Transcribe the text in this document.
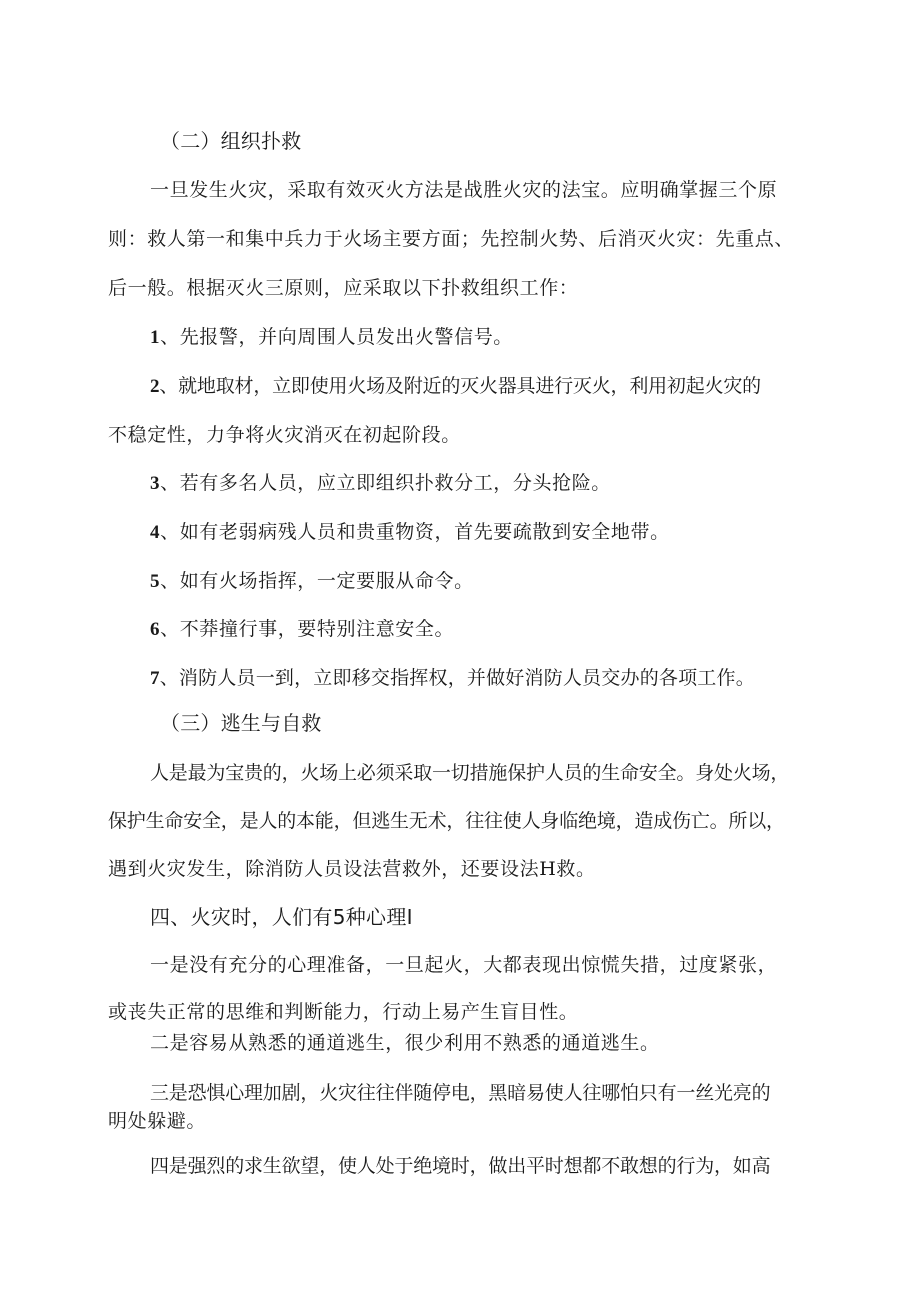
（二）组织扑救
一旦发生火灾，采取有效灭火方法是战胜火灾的法宝。应明确掌握三个原
则：救人第一和集中兵力于火场主要方面；先控制火势、后消灭火灾：先重点、
后一般。根据灭火三原则，应采取以下扑救组织工作：
1、先报警，并向周围人员发出火警信号。
2、就地取材，立即使用火场及附近的灭火器具进行灭火，利用初起火灾的
不稳定性，力争将火灾消灭在初起阶段。
3、若有多名人员，应立即组织扑救分工，分头抢险。
4、如有老弱病残人员和贵重物资，首先要疏散到安全地带。
5、如有火场指挥，一定要服从命令。
6、不莽撞行事，要特别注意安全。
7、消防人员一到，立即移交指挥权，并做好消防人员交办的各项工作。
（三）逃生与自救
人是最为宝贵的，火场上必须采取一切措施保护人员的生命安全。身处火场，
保护生命安全，是人的本能，但逃生无术，往往使人身临绝境，造成伤亡。所以，
遇到火灾发生，除消防人员设法营救外，还要设法H救。
四、火灾时，人们有5种心理I
一是没有充分的心理准备，一旦起火，大都表现出惊慌失措，过度紧张，
或丧失正常的思维和判断能力，行动上易产生盲目性。
二是容易从熟悉的通道逃生，很少利用不熟悉的通道逃生。
三是恐惧心理加剧，火灾往往伴随停电，黑暗易使人往哪怕只有一丝光亮的
明处躲避。
四是强烈的求生欲望，使人处于绝境时，做出平时想都不敢想的行为，如高
